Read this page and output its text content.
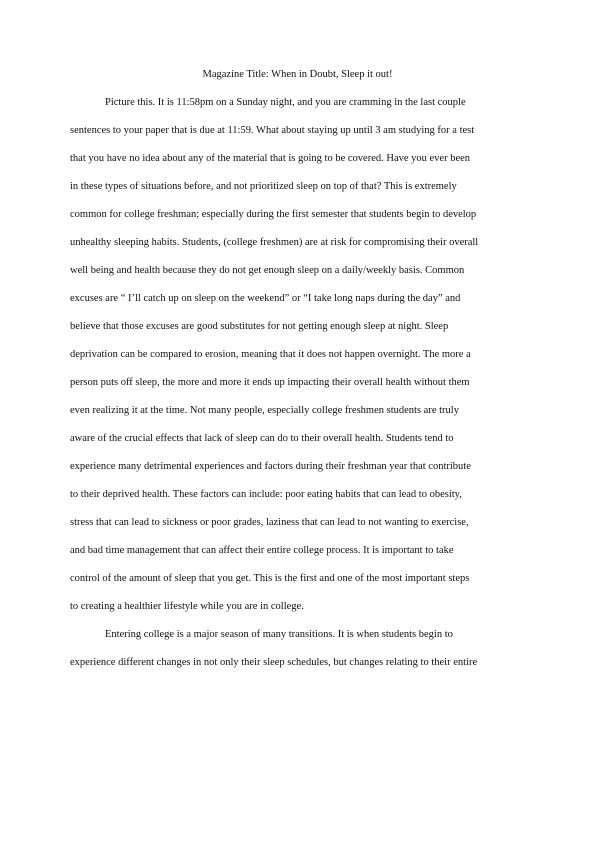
Magazine Title: When in Doubt, Sleep it out!
Picture this. It is 11:58pm on a Sunday night, and you are cramming in the last couple
sentences to your paper that is due at 11:59. What about staying up until 3 am studying for a test
that you have no idea about any of the material that is going to be covered. Have you ever been
in these types of situations before, and not prioritized sleep on top of that? This is extremely
common for college freshman; especially during the first semester that students begin to develop
unhealthy sleeping habits. Students, (college freshmen) are at risk for compromising their overall
well being and health because they do not get enough sleep on a daily/weekly basis. Common
excuses are “ I’ll catch up on sleep on the weekend” or “I take long naps during the day” and
believe that those excuses are good substitutes for not getting enough sleep at night. Sleep
deprivation can be compared to erosion, meaning that it does not happen overnight. The more a
person puts off sleep, the more and more it ends up impacting their overall health without them
even realizing it at the time. Not many people, especially college freshmen students are truly
aware of the crucial effects that lack of sleep can do to their overall health. Students tend to
experience many detrimental experiences and factors during their freshman year that contribute
to their deprived health. These factors can include: poor eating habits that can lead to obesity,
stress that can lead to sickness or poor grades, laziness that can lead to not wanting to exercise,
and bad time management that can affect their entire college process. It is important to take
control of the amount of sleep that you get. This is the first and one of the most important steps
to creating a healthier lifestyle while you are in college.
Entering college is a major season of many transitions. It is when students begin to
experience different changes in not only their sleep schedules, but changes relating to their entire
